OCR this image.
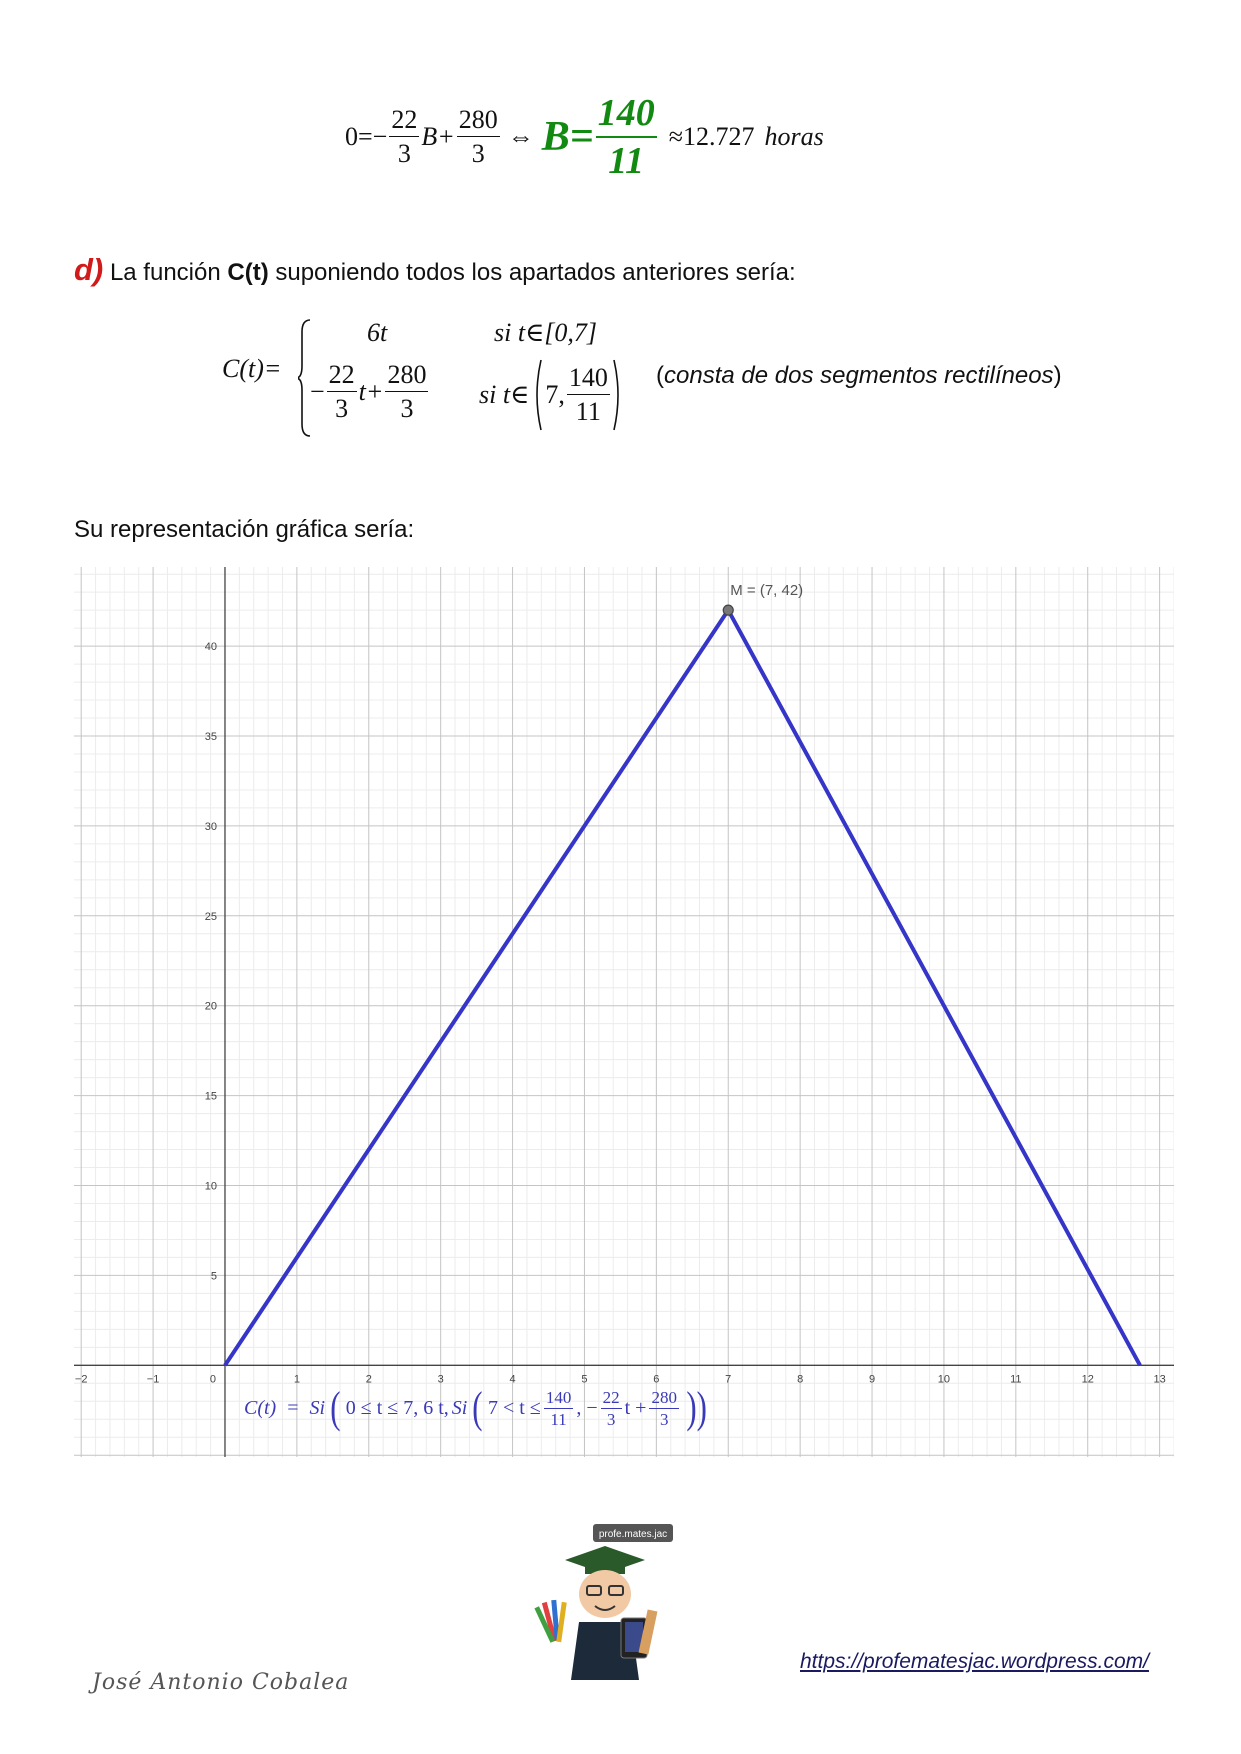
$0=- \frac{22}{3} B+ \frac{280}{3}$ ⇔ $B= \frac{140}{11} \approx 12.727$ horas
d) La función C(t) suponiendo todos los apartados anteriores sería:
C(t)=
6t	si t∈[0,7]
− $\frac{22}{3} t+ \frac{280}{3}$ si t∈ 7, $\frac{140}{11}$ (consta de dos segmentos rectilíneos)
Su representación gráfica sería:
−2	−1	0	1	2	3	4	5	6	7	8	9	10	11	12	13
5
10
15
20
25
30
35
40
M = (7, 42)
C(t) = Si ( 0 ≤ t ≤ 7, 6 t, Si ( $7 < t \le \frac{140}{11}$ , − $\frac{22}{3}$ $t + \frac{280}{3}$ ))
profe.mates.jac
https://profematesjac.wordpress.com/
José Antonio Cobalea
